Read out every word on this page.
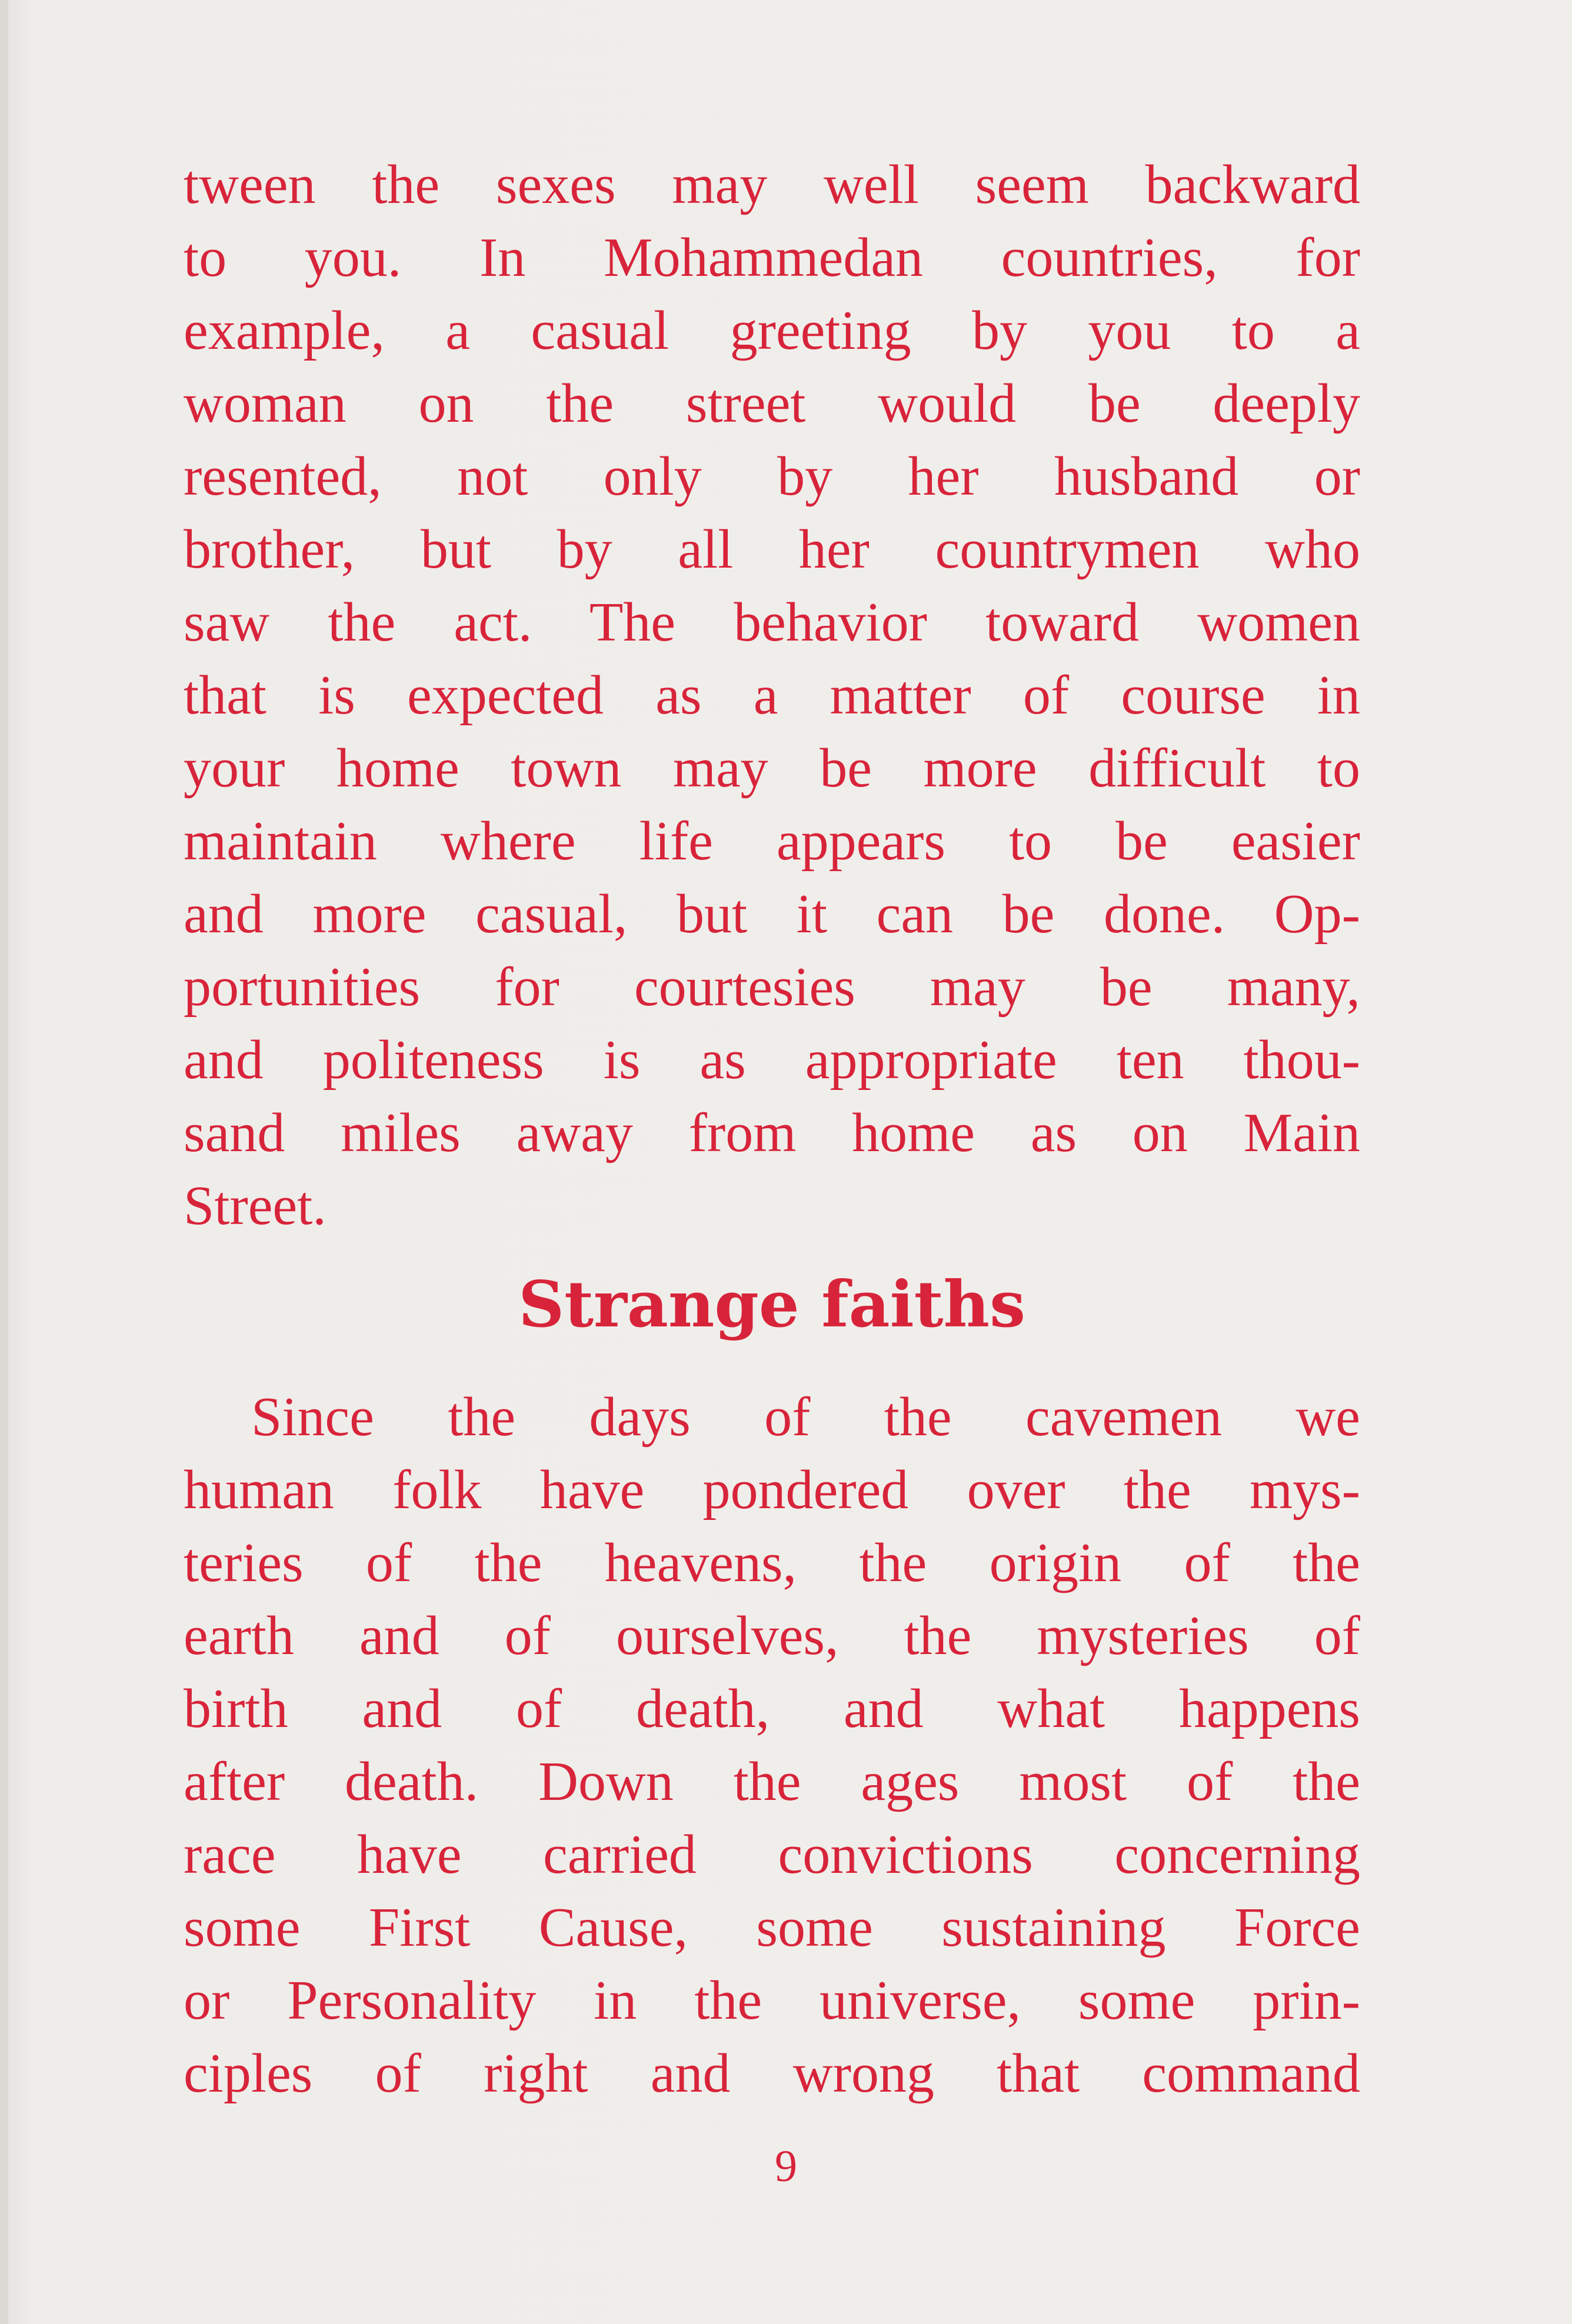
tween the sexes may well seem backward
to you. In Mohammedan countries, for
example, a casual greeting by you to a
woman on the street would be deeply
resented, not only by her husband or
brother, but by all her countrymen who
saw the act. The behavior toward women
that is expected as a matter of course in
your home town may be more difficult to
maintain where life appears to be easier
and more casual, but it can be done. Op-
portunities for courtesies may be many,
and politeness is as appropriate ten thou-
sand miles away from home as on Main
Street.
Strange faiths
Since the days of the cavemen we
human folk have pondered over the mys-
teries of the heavens, the origin of the
earth and of ourselves, the mysteries of
birth and of death, and what happens
after death. Down the ages most of the
race have carried convictions concerning
some First Cause, some sustaining Force
or Personality in the universe, some prin-
ciples of right and wrong that command
9
